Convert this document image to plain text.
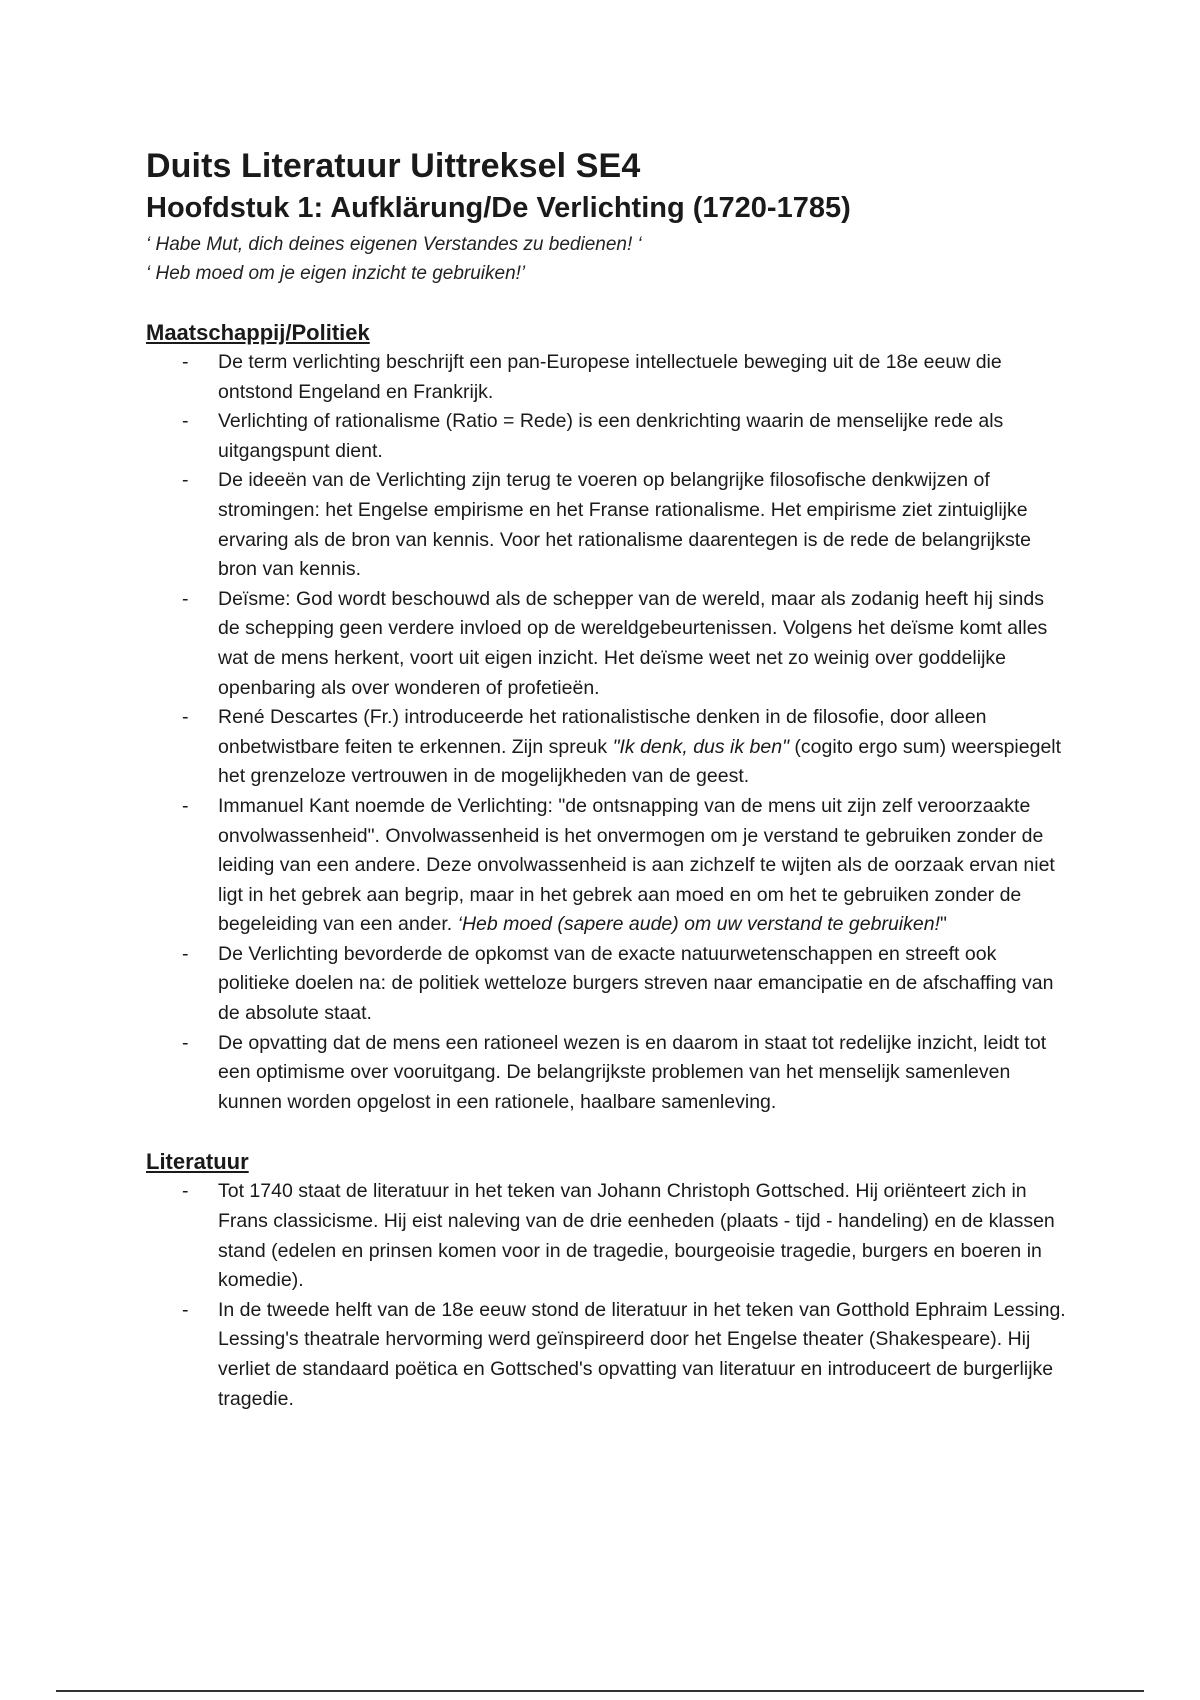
Duits Literatuur Uittreksel SE4
Hoofdstuk 1: Aufklärung/De Verlichting (1720-1785)

‘ Habe Mut, dich deines eigenen Verstandes zu bedienen! ‘

‘ Heb moed om je eigen inzicht te gebruiken!’

Maatschappij/Politiek
- De term verlichting beschrijft een pan-Europese intellectuele beweging uit de 18e eeuw die ontstond Engeland en Frankrijk.
- Verlichting of rationalisme (Ratio = Rede) is een denkrichting waarin de menselijke rede als uitgangspunt dient.
- De ideeën van de Verlichting zijn terug te voeren op belangrijke filosofische denkwijzen of stromingen: het Engelse empirisme en het Franse rationalisme. Het empirisme ziet zintuiglijke ervaring als de bron van kennis. Voor het rationalisme daarentegen is de rede de belangrijkste bron van kennis.
- Deïsme: God wordt beschouwd als de schepper van de wereld, maar als zodanig heeft hij sinds de schepping geen verdere invloed op de wereldgebeurtenissen. Volgens het deïsme komt alles wat de mens herkent, voort uit eigen inzicht. Het deïsme weet net zo weinig over goddelijke openbaring als over wonderen of profetieën.
- René Descartes (Fr.) introduceerde het rationalistische denken in de filosofie, door alleen onbetwistbare feiten te erkennen. Zijn spreuk "Ik denk, dus ik ben" (cogito ergo sum) weerspiegelt het grenzeloze vertrouwen in de mogelijkheden van de geest.
- Immanuel Kant noemde de Verlichting: "de ontsnapping van de mens uit zijn zelf veroorzaakte onvolwassenheid". Onvolwassenheid is het onvermogen om je verstand te gebruiken zonder de leiding van een andere. Deze onvolwassenheid is aan zichzelf te wijten als de oorzaak ervan niet ligt in het gebrek aan begrip, maar in het gebrek aan moed en om het te gebruiken zonder de begeleiding van een ander. ‘Heb moed (sapere aude) om uw verstand te gebruiken!"
- De Verlichting bevorderde de opkomst van de exacte natuurwetenschappen en streeft ook politieke doelen na: de politiek wetteloze burgers streven naar emancipatie en de afschaffing van de absolute staat.
- De opvatting dat de mens een rationeel wezen is en daarom in staat tot redelijke inzicht, leidt tot een optimisme over vooruitgang. De belangrijkste problemen van het menselijk samenleven kunnen worden opgelost in een rationele, haalbare samenleving.
Literatuur
- Tot 1740 staat de literatuur in het teken van Johann Christoph Gottsched. Hij oriënteert zich in Frans classicisme. Hij eist naleving van de drie eenheden (plaats - tijd - handeling) en de klassen stand (edelen en prinsen komen voor in de tragedie, bourgeoisie tragedie, burgers en boeren in komedie).
- In de tweede helft van de 18e eeuw stond de literatuur in het teken van Gotthold Ephraim Lessing. Lessing's theatrale hervorming werd geïnspireerd door het Engelse theater (Shakespeare). Hij verliet de standaard poëtica en Gottsched's opvatting van literatuur en introduceert de burgerlijke tragedie.
